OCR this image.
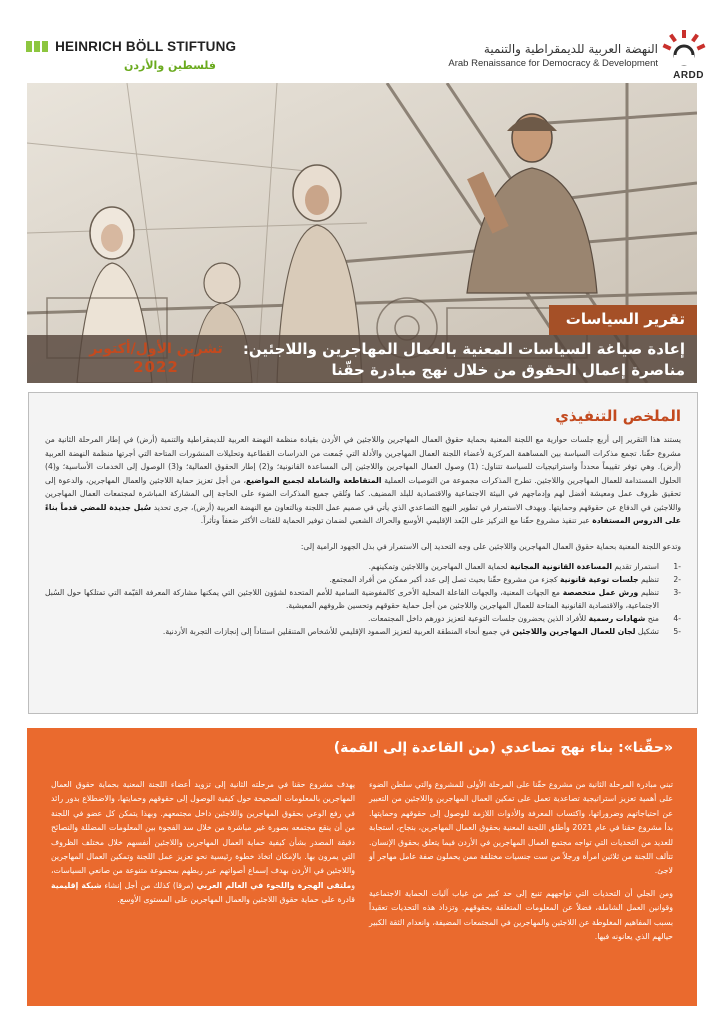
HEINRICH BÖLL STIFTUNG
فلسطين والأردن
النهضة العربية للديمقراطية والتنمية
Arab Renaissance for Democracy & Development
ARDD
تقرير السياسات
إعادة صياغة السياسات المعنية بالعمال المهاجرين واللاجئين:
مناصرة إعمال الحقوق من خلال نهج مبادرة حقّنا
تشرين الأول/أكتوبر
2022
الملخص التنفيذي

يستند هذا التقرير إلى أربع جلسات حوارية مع اللجنة المعنية بحماية حقوق العمال المهاجرين واللاجئين في الأردن بقيادة منظمة النهضة العربية للديمقراطية والتنمية (أرض) في إطار المرحلة الثانية من مشروع حقّنا. تجمع مذكرات السياسة بين المساهمة المركزية لأعضاء اللجنة العمال المهاجرين والأدلة التي جُمعت من الدراسات القطاعية وتحليلات المنشورات المتاحة التي أجرتها منظمة النهضة العربية (أرض). وهي توفر تقييماً محدداً واستراتيجيات للسياسة تتناول: (1) وصول العمال المهاجرين واللاجئين إلى المساعدة القانونية؛ و(2) إطار الحقوق العمالية؛ و(3) الوصول إلى الخدمات الأساسية؛ و(4) الحلول المستدامة للعمال المهاجرين واللاجئين. تطرح المذكرات مجموعة من التوصيات العملية المتقاطعة والشاملة لجميع المواضيع، من أجل تعزيز حماية اللاجئين والعمال المهاجرين، والدعوة إلى تحقيق ظروف عمل ومعيشة أفضل لهم وإدماجهم في البيئة الاجتماعية والاقتصادية للبلد المضيف. كما وتُلقي جميع المذكرات الضوء على الحاجة إلى المشاركة المباشرة لمجتمعات العمال المهاجرين واللاجئين في الدفاع عن حقوقهم وحمايتها. وبهدف الاستمرار في تطوير النهج التصاعدي الذي يأتي في صميم عمل اللجنة وبالتعاون مع النهضة العربية (أرض)، جرى تحديد سُبل جديدة للمضي قدماً بناءً على الدروس المستفادة عبر تنفيذ مشروع حقّنا مع التركيز على البُعد الإقليمي الأوسع والحراك الشعبي لضمان توفير الحماية للفئات الأكثر ضعفاً وتأثراً.

وتدعو اللجنة المعنية بحماية حقوق العمال المهاجرين واللاجئين على وجه التحديد إلى الاستمرار في بذل الجهود الرامية إلى:

-1
استمرار تقديم المساعدة القانونية المجانية لحماية العمال المهاجرين واللاجئين وتمكينهم.
-2
تنظيم جلسات توعية قانونية كجزء من مشروع حقّنا بحيث تصل إلى عدد أكبر ممكن من أفراد المجتمع.
-3
تنظيم ورش عمل متخصصة مع الجهات المعنية، والجهات الفاعلة المحلية الأخرى كالمفوضية السامية للأمم المتحدة لشؤون اللاجئين التي يمكنها مشاركة المعرفة القيّمة التي تمتلكها حول السُبل الاجتماعية، والاقتصادية القانونية المتاحة للعمال المهاجرين واللاجئين من أجل حماية حقوقهم وتحسين ظروفهم المعيشية.
-4
منح شهادات رسمية للأفراد الذين يحضرون جلسات التوعية لتعزيز دورهم داخل المجتمعات.
-5
تشكيل لجان للعمال المهاجرين واللاجئين في جميع أنحاء المنطقة العربية لتعزيز الصمود الإقليمي للأشخاص المتنقلين استناداً إلى إنجازات التجربة الأردنية.
«حقّنا»: بناء نهج تصاعدي (من القاعدة إلى القمة)

تبني مبادرة المرحلة الثانية من مشروع حقّنا على المرحلة الأولى للمشروع والتي سلطن الضوء على أهمية تعزيز استراتيجية تصاعدية تعمل على تمكين العمال المهاجرين واللاجئين من التعبير عن احتياجاتهم وضروراتها، واكتساب المعرفة والأدوات اللازمة للوصول إلى حقوقهم وحمايتها. بدأ مشروع حقنا في عام 2021 وأطلق اللجنة المعنية بحقوق العمال المهاجرين، بنجاح، استجابة للعديد من التحديات التي تواجه مجتمع العمال المهاجرين في الأردن فيما يتعلق بحقوق الإنسان. تتألف اللجنة من ثلاثين امرأة ورجلاً من ست جنسيات مختلفة ممن يحملون صفة عامل مهاجر أو لاجئ.

ومن الجلي أن التحديات التي تواجههم تنبع إلى حد كبير من غياب آليات الحماية الاجتماعية وقوانين العمل الشاملة، فضلاً عن المعلومات المتعلقة بحقوقهم. وتزداد هذه التحديات تعقيداً بسبب المفاهيم المغلوطة عن اللاجئين والمهاجرين في المجتمعات المضيفة، وانعدام الثقة الكبير حيالهم الذي يعانونه فيها.

يهدف مشروع حقنا في مرحلته الثانية إلى تزويد أعضاء اللجنة المعنية بحماية حقوق العمال المهاجرين بالمعلومات الصحيحة حول كيفية الوصول إلى حقوقهم وحمايتها، والاضطلاع بدور رائد في رفع الوعي بحقوق المهاجرين واللاجئين داخل مجتمعهم. وبهذا يتمكن كل عضو في اللجنة من أن ينقع مجتمعه بصورة غير مباشرة من خلال سد الفجوة بين المعلومات المضللة والنصائح دقيقة المصدر بشأن كيفية حماية العمال المهاجرين واللاجئين أنفسهم خلال مختلف الظروف التي يمرون بها. بالإمكان اتخاذ خطوة رئيسية نحو تعزيز عمل اللجنة وتمكين العمال المهاجرين واللاجئين في الأردن بهدف إسماع أصواتهم عبر ربطهم بمجموعة متنوعة من صانعي السياسات، وملتقى الهجرة واللجوء في العالم العربي (مرقا) كذلك من أجل إنشاء شبكة إقليمية قادرة على حماية حقوق اللاجئين والعمال المهاجرين على المستوى الأوسع.
